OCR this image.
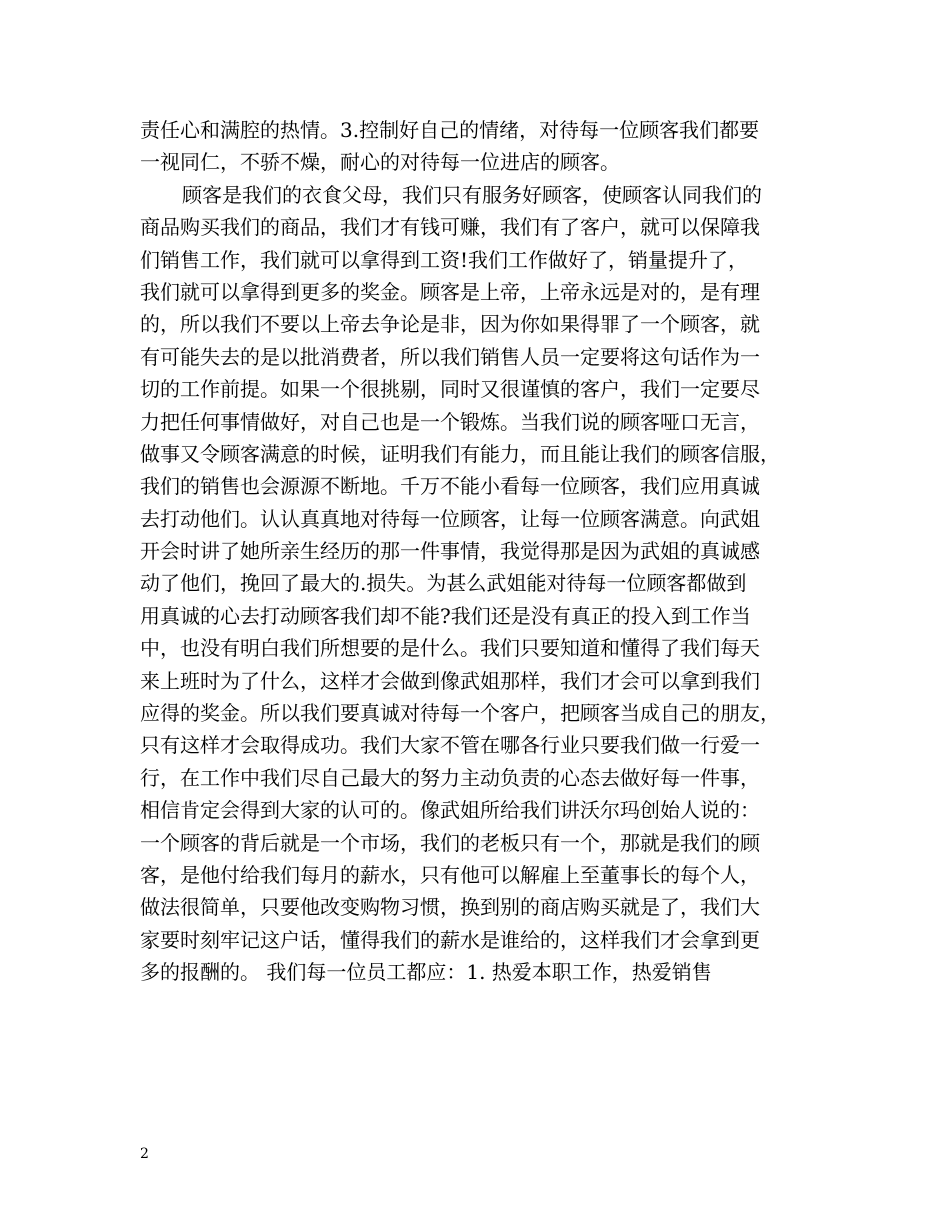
责任心和满腔的热情。3.控制好自己的情绪，对待每一位顾客我们都要
一视同仁，不骄不燥，耐心的对待每一位进店的顾客。
顾客是我们的衣食父母，我们只有服务好顾客，使顾客认同我们的
商品购买我们的商品，我们才有钱可赚，我们有了客户，就可以保障我
们销售工作，我们就可以拿得到工资!我们工作做好了，销量提升了，
我们就可以拿得到更多的奖金。顾客是上帝，上帝永远是对的，是有理
的，所以我们不要以上帝去争论是非，因为你如果得罪了一个顾客，就
有可能失去的是以批消费者，所以我们销售人员一定要将这句话作为一
切的工作前提。如果一个很挑剔，同时又很谨慎的客户，我们一定要尽
力把任何事情做好，对自己也是一个锻炼。当我们说的顾客哑口无言，
做事又令顾客满意的时候，证明我们有能力，而且能让我们的顾客信服，
我们的销售也会源源不断地。千万不能小看每一位顾客，我们应用真诚
去打动他们。认认真真地对待每一位顾客，让每一位顾客满意。向武姐
开会时讲了她所亲生经历的那一件事情，我觉得那是因为武姐的真诚感
动了他们，挽回了最大的.损失。为甚么武姐能对待每一位顾客都做到
用真诚的心去打动顾客我们却不能?我们还是没有真正的投入到工作当
中，也没有明白我们所想要的是什么。我们只要知道和懂得了我们每天
来上班时为了什么，这样才会做到像武姐那样，我们才会可以拿到我们
应得的奖金。所以我们要真诚对待每一个客户，把顾客当成自己的朋友，
只有这样才会取得成功。我们大家不管在哪各行业只要我们做一行爱一
行，在工作中我们尽自己最大的努力主动负责的心态去做好每一件事，
相信肯定会得到大家的认可的。像武姐所给我们讲沃尔玛创始人说的：
一个顾客的背后就是一个市场，我们的老板只有一个，那就是我们的顾
客，是他付给我们每月的薪水，只有他可以解雇上至董事长的每个人，
做法很简单，只要他改变购物习惯，换到别的商店购买就是了，我们大
家要时刻牢记这户话，懂得我们的薪水是谁给的，这样我们才会拿到更
多的报酬的。 我们每一位员工都应：1. 热爱本职工作，热爱销售
2
